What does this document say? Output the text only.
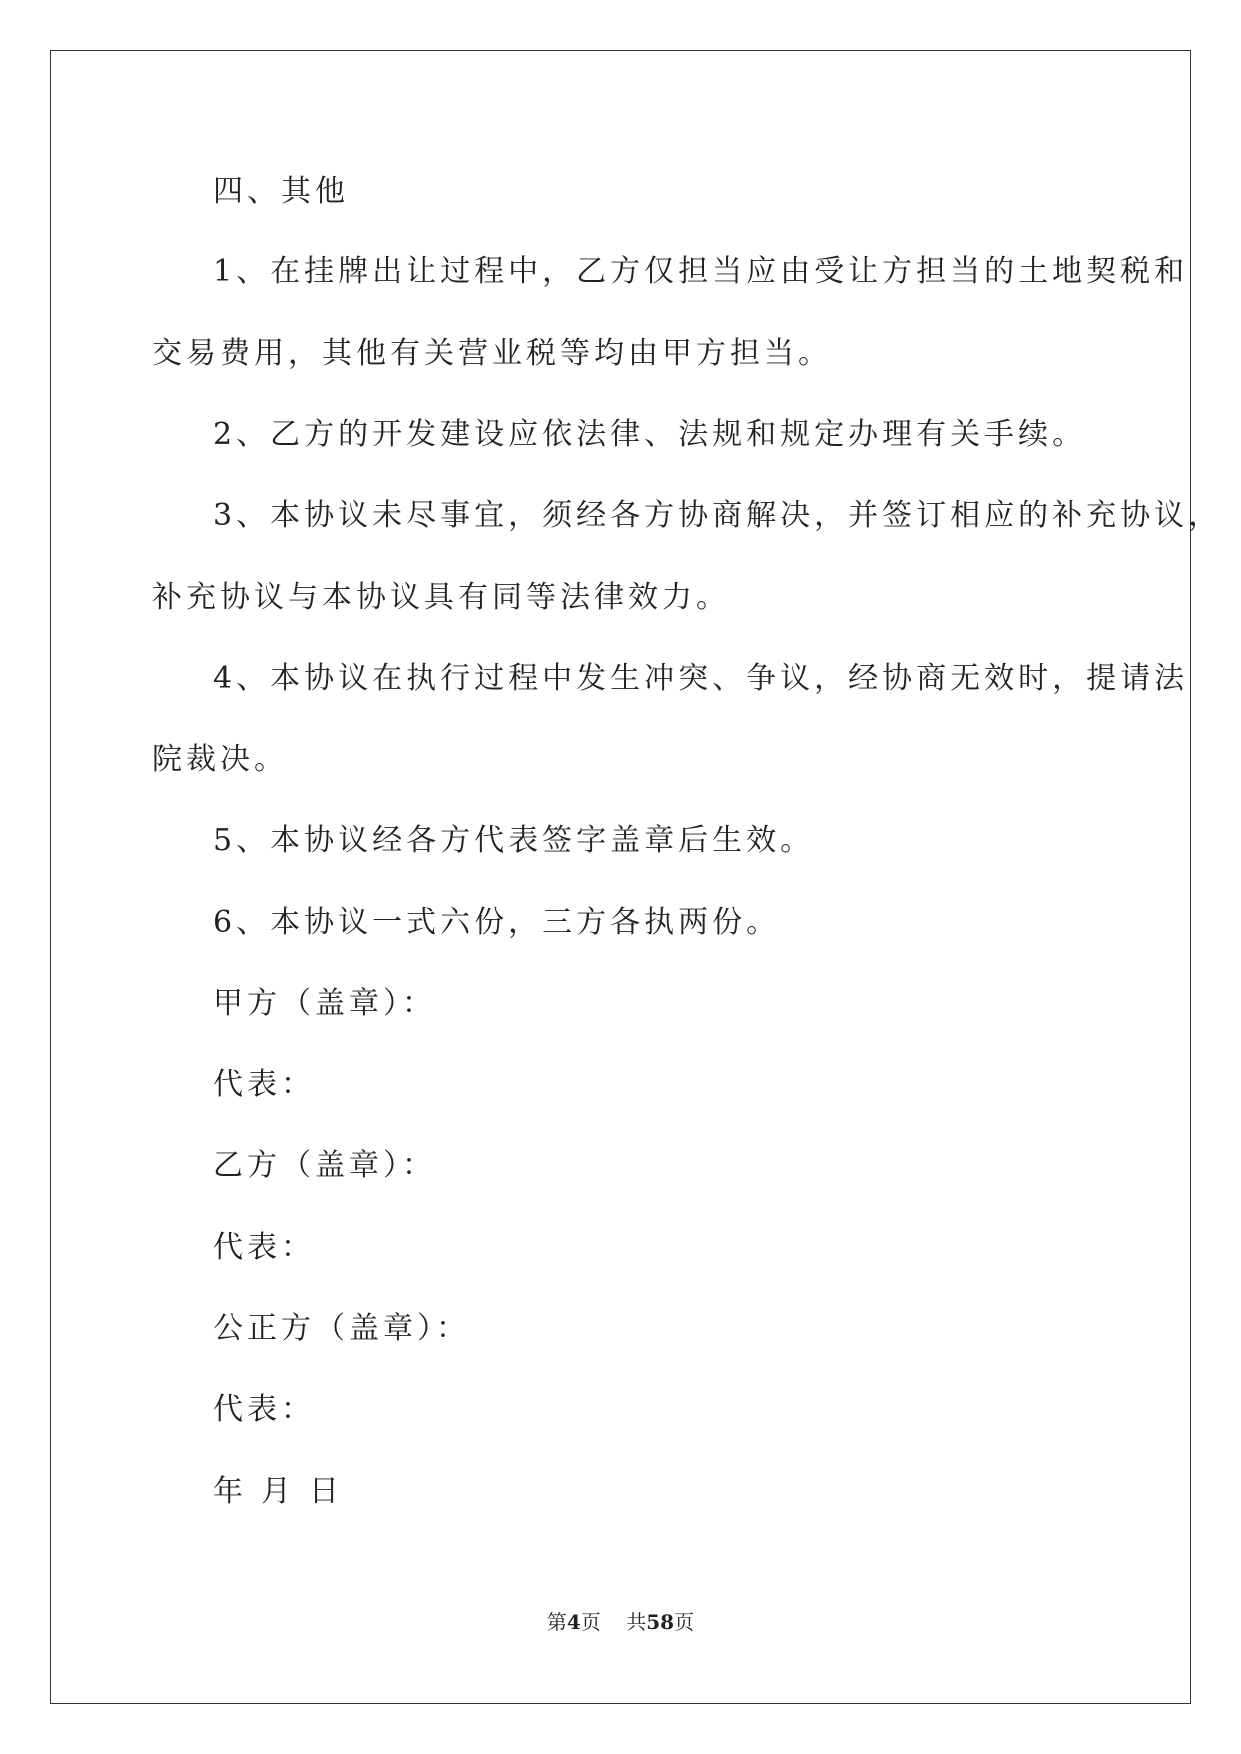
四、其他
1、在挂牌出让过程中，乙方仅担当应由受让方担当的土地契税和
交易费用，其他有关营业税等均由甲方担当。
2、乙方的开发建设应依法律、法规和规定办理有关手续。
3、本协议未尽事宜，须经各方协商解决，并签订相应的补充协议，
补充协议与本协议具有同等法律效力。
4、本协议在执行过程中发生冲突、争议，经协商无效时，提请法
院裁决。
5、本协议经各方代表签字盖章后生效。
6、本协议一式六份，三方各执两份。
甲方（盖章）：
代表：
乙方（盖章）：
代表：
公正方（盖章）：
代表：
年 月 日
第4页 共58页
